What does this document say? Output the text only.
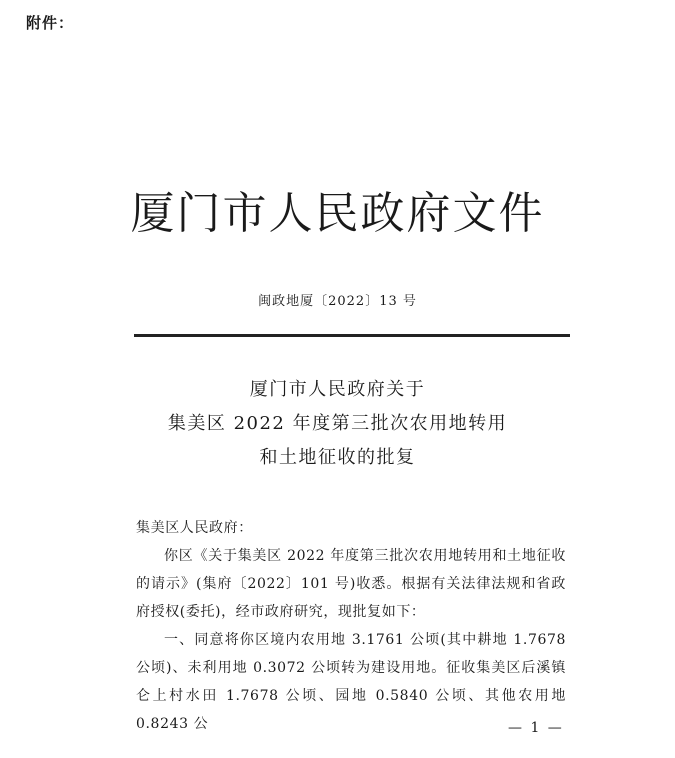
附件：
厦门市人民政府文件
闽政地厦〔2022〕13 号
厦门市人民政府关于
集美区 2022 年度第三批次农用地转用
和土地征收的批复
集美区人民政府：
你区《关于集美区 2022 年度第三批次农用地转用和土地征收的请示》(集府〔2022〕101 号)收悉。根据有关法律法规和省政府授权(委托)，经市政府研究，现批复如下：
一、同意将你区境内农用地 3.1761 公顷(其中耕地 1.7678 公顷)、未利用地 0.3072 公顷转为建设用地。征收集美区后溪镇仑上村水田 1.7678 公顷、园地 0.5840 公顷、其他农用地 0.8243 公	— 1 —
